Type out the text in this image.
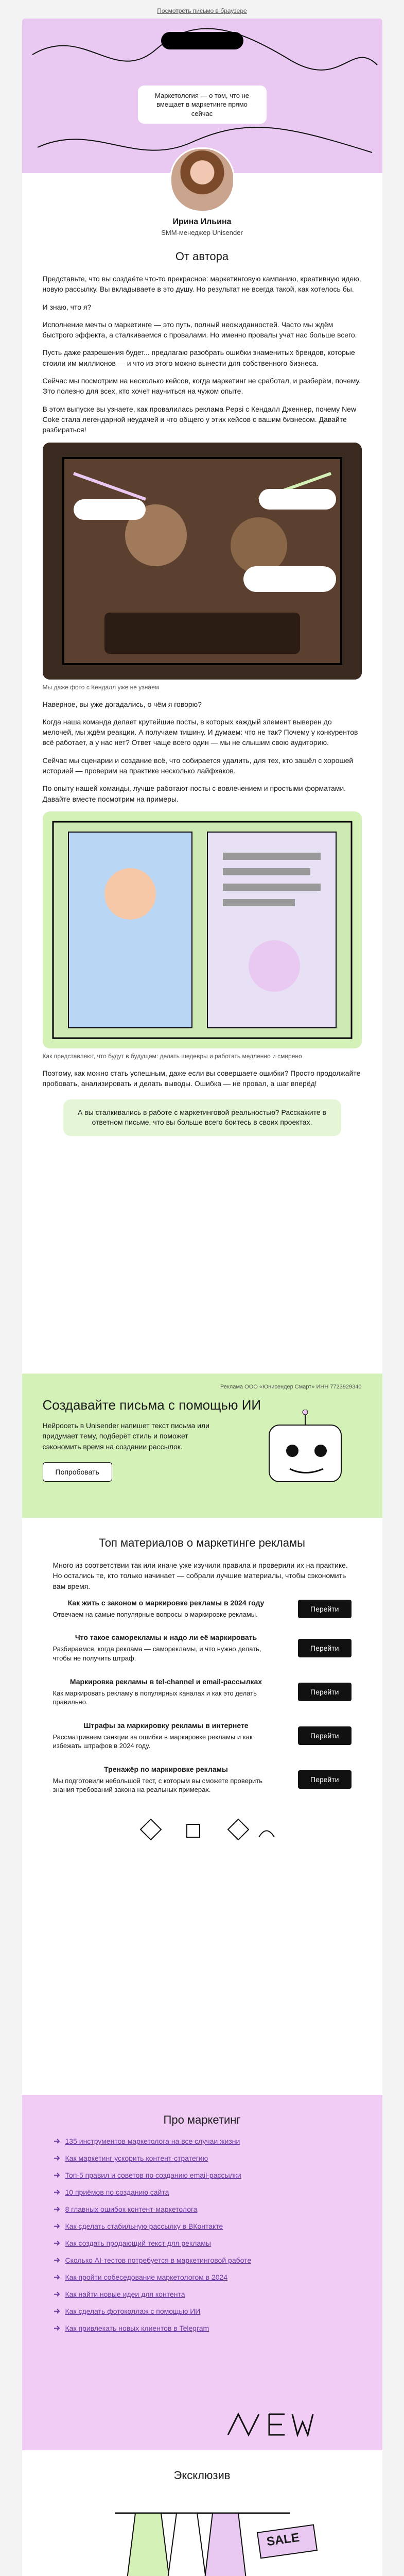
Посмотреть письмо в браузере
Маркетология — о том, что не вмещает в маркетинге прямо сейчас
Ирина Ильина
SMM-менеджер Unisender
От автора

Представьте, что вы создаёте что-то прекрасное: маркетинговую кампанию, креативную идею, новую рассылку. Вы вкладываете в это душу. Но результат не всегда такой, как хотелось бы.

И знаю, что я?

Исполнение мечты о маркетинге — это путь, полный неожиданностей. Часто мы ждём быстрого эффекта, а сталкиваемся с провалами. Но именно провалы учат нас больше всего.

Пусть даже разрешения будет... предлагаю разобрать ошибки знаменитых брендов, которые стоили им миллионов — и что из этого можно вынести для собственного бизнеса.

Сейчас мы посмотрим на несколько кейсов, когда маркетинг не сработал, и разберём, почему. Это полезно для всех, кто хочет научиться на чужом опыте.

В этом выпуске вы узнаете, как провалилась реклама Pepsi с Кендалл Дженнер, почему New Coke стала легендарной неудачей и что общего у этих кейсов с вашим бизнесом. Давайте разбираться!

Мы даже фото с Кендалл уже не узнаем

Наверное, вы уже догадались, о чём я говорю?

Когда наша команда делает крутейшие посты, в которых каждый элемент выверен до мелочей, мы ждём реакции. А получаем тишину. И думаем: что не так? Почему у конкурентов всё работает, а у нас нет? Ответ чаще всего один — мы не слышим свою аудиторию.

Сейчас мы сценарии и создание всё, что собирается удалить, для тех, кто зашёл с хорошей историей — проверим на практике несколько лайфхаков.

По опыту нашей команды, лучше работают посты с вовлечением и простыми форматами. Давайте вместе посмотрим на примеры.

Как представляют, что будут в будущем: делать шедевры и работать медленно и смирено

Поэтому, как можно стать успешным, даже если вы совершаете ошибки? Просто продолжайте пробовать, анализировать и делать выводы. Ошибка — не провал, а шаг вперёд!

А вы сталкивались в работе с маркетинговой реальностью? Расскажите в ответном письме, что вы больше всего боитесь в своих проектах.
Реклама ООО «Юнисендер Смарт» ИНН 7723929340
Создавайте письма с помощью ИИ

Нейросеть в Unisender напишет текст письма или придумает тему, подберёт стиль и поможет сэкономить время на создании рассылок.

Попробовать
Топ материалов о маркетинге рекламы

Много из соответствии так или иначе уже изучили правила и проверили их на практике. Но остались те, кто только начинает — собрали лучшие материалы, чтобы сэкономить вам время.

Как жить с законом о маркировке рекламы в 2024 году

Отвечаем на самые популярные вопросы о маркировке рекламы.

Перейти
Что такое саморекламы и надо ли её маркировать

Разбираемся, когда реклама — саморекламы, и что нужно делать, чтобы не получить штраф.

Перейти
Маркировка рекламы в tel-channel и email-рассылках

Как маркировать рекламу в популярных каналах и как это делать правильно.

Перейти
Штрафы за маркировку рекламы в интернете

Рассматриваем санкции за ошибки в маркировке рекламы и как избежать штрафов в 2024 году.

Перейти
Тренажёр по маркировке рекламы

Мы подготовили небольшой тест, с которым вы сможете проверить знания требований закона на реальных примерах.

Перейти
Про маркетинг
135 инструментов маркетолога на все случаи жизни
Как маркетинг ускорить контент-стратегию
Топ-5 правил и советов по созданию email-рассылки
10 приёмов по созданию сайта
8 главных ошибок контент-маркетолога
Как сделать стабильную рассылку в ВКонтакте
Как создать продающий текст для рекламы
Сколько AI-тестов потребуется в маркетинговой работе
Как пройти собеседование маркетологом в 2024
Как найти новые идеи для контента
Как сделать фотоколлаж с помощью ИИ
Как привлекать новых клиентов в Telegram
Эксклюзив
SALE
